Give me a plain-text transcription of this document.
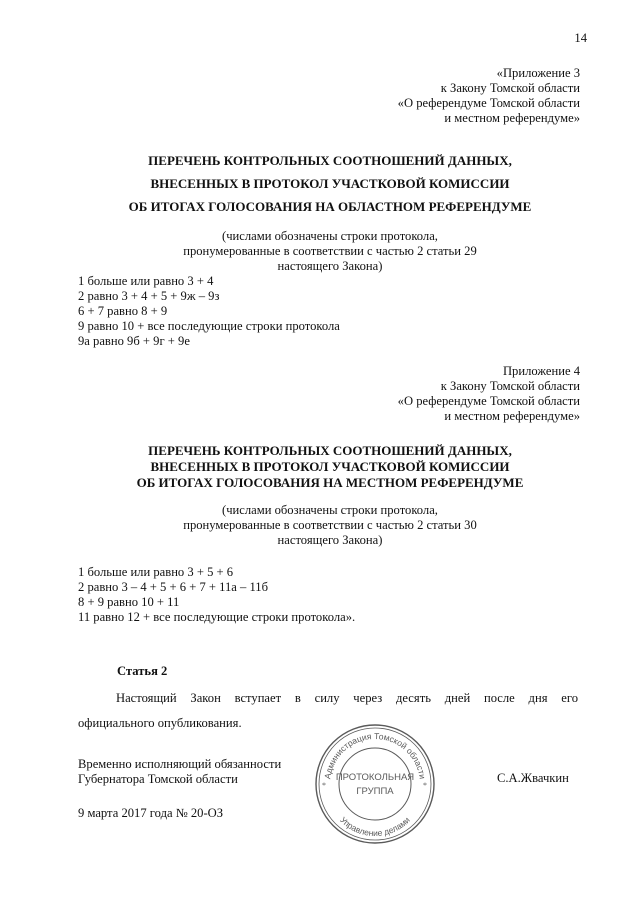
14
«Приложение 3
к Закону Томской области
«О референдуме Томской области
и местном референдуме»
ПЕРЕЧЕНЬ КОНТРОЛЬНЫХ СООТНОШЕНИЙ ДАННЫХ,
ВНЕСЕННЫХ В ПРОТОКОЛ УЧАСТКОВОЙ КОМИССИИ
ОБ ИТОГАХ ГОЛОСОВАНИЯ НА ОБЛАСТНОМ РЕФЕРЕНДУМЕ
(числами обозначены строки протокола,
пронумерованные в соответствии с частью 2 статьи 29
настоящего Закона)
1 больше или равно 3 + 4
2 равно 3 + 4 + 5 + 9ж – 9з
6 + 7 равно 8 + 9
9 равно 10 + все последующие строки протокола
9а равно 9б + 9г + 9е
Приложение 4
к Закону Томской области
«О референдуме Томской области
и местном референдуме»
ПЕРЕЧЕНЬ КОНТРОЛЬНЫХ СООТНОШЕНИЙ ДАННЫХ,
ВНЕСЕННЫХ В ПРОТОКОЛ УЧАСТКОВОЙ КОМИССИИ
ОБ ИТОГАХ ГОЛОСОВАНИЯ НА МЕСТНОМ РЕФЕРЕНДУМЕ
(числами обозначены строки протокола,
пронумерованные в соответствии с частью 2 статьи 30
настоящего Закона)
1 больше или равно 3 + 5 + 6
2 равно 3 – 4 + 5 + 6 + 7 + 11а – 11б
8 + 9 равно 10 + 11
11 равно 12 + все последующие строки протокола».
Статья 2
Настоящий Закон вступает в силу через десять дней после дня его
официального опубликования.
Временно исполняющий обязанности
Губернатора Томской области	С.А.Жвачкин
9 марта 2017 года № 20-ОЗ
Администрация Томской области
Управление делами
ПРОТОКОЛЬНАЯ
ГРУППА
*	*
